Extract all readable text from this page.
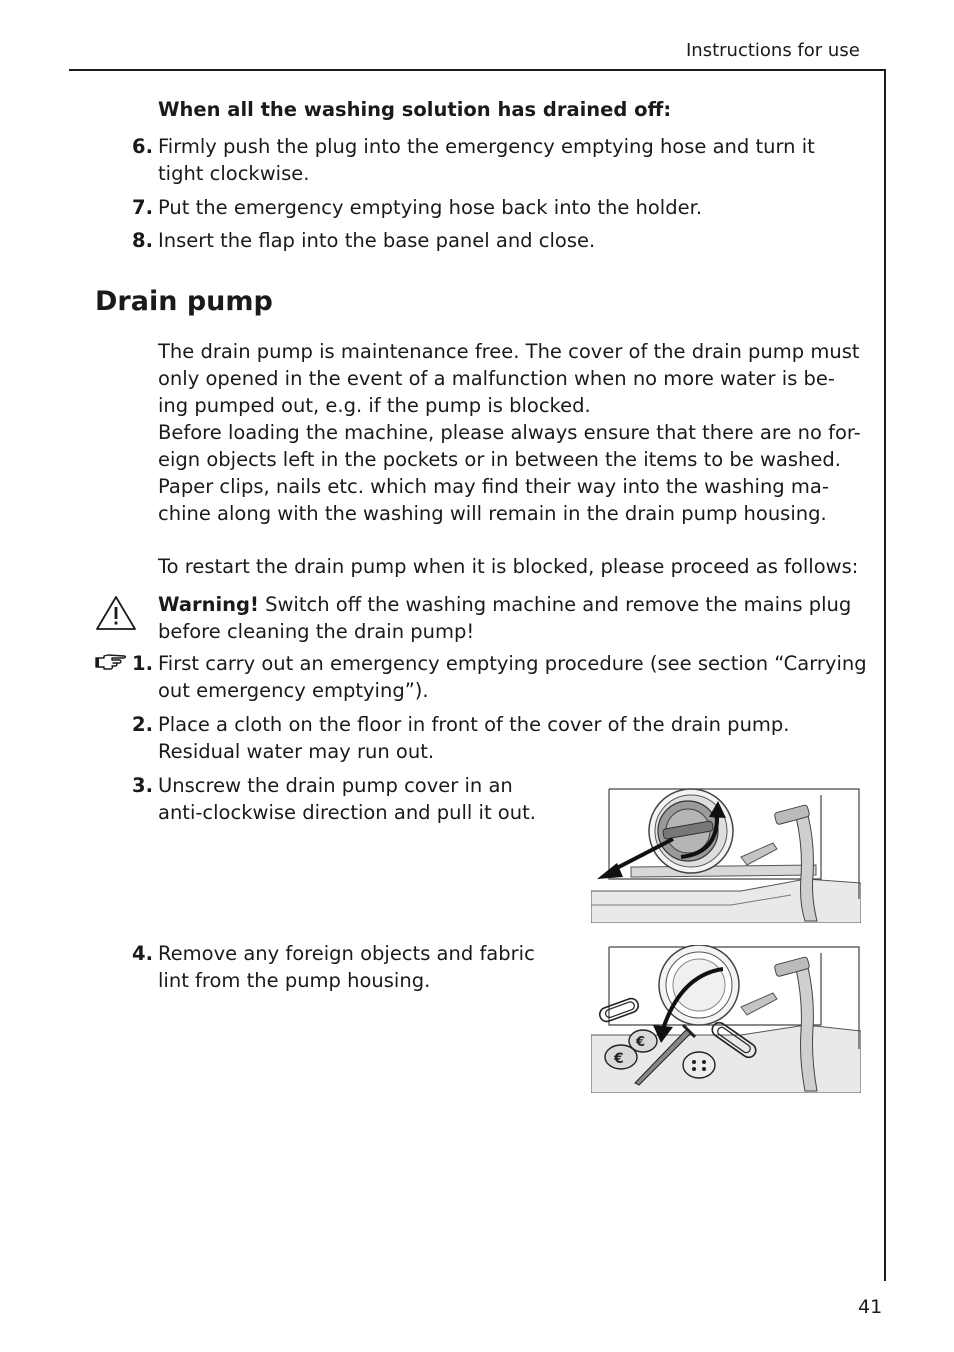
Instructions for use
When all the washing solution has drained off:
6. Firmly push the plug into the emergency emptying hose and turn it
tight clockwise.
7. Put the emergency emptying hose back into the holder.
8. Insert the flap into the base panel and close.
Drain pump
The drain pump is maintenance free. The cover of the drain pump must
only opened in the event of a malfunction when no more water is be-
ing pumped out, e.g. if the pump is blocked.
Before loading the machine, please always ensure that there are no for-
eign objects left in the pockets or in between the items to be washed.
Paper clips, nails etc. which may find their way into the washing ma-
chine along with the washing will remain in the drain pump housing.
To restart the drain pump when it is blocked, please proceed as follows:
Warning! Switch off the washing machine and remove the mains plug
before cleaning the drain pump!
1. First carry out an emergency emptying procedure (see section “Carrying
out emergency emptying”).
2. Place a cloth on the floor in front of the cover of the drain pump.
Residual water may run out.
3. Unscrew the drain pump cover in an
anti-clockwise direction and pull it out.
4. Remove any foreign objects and fabric
lint from the pump housing.
€
€
41
